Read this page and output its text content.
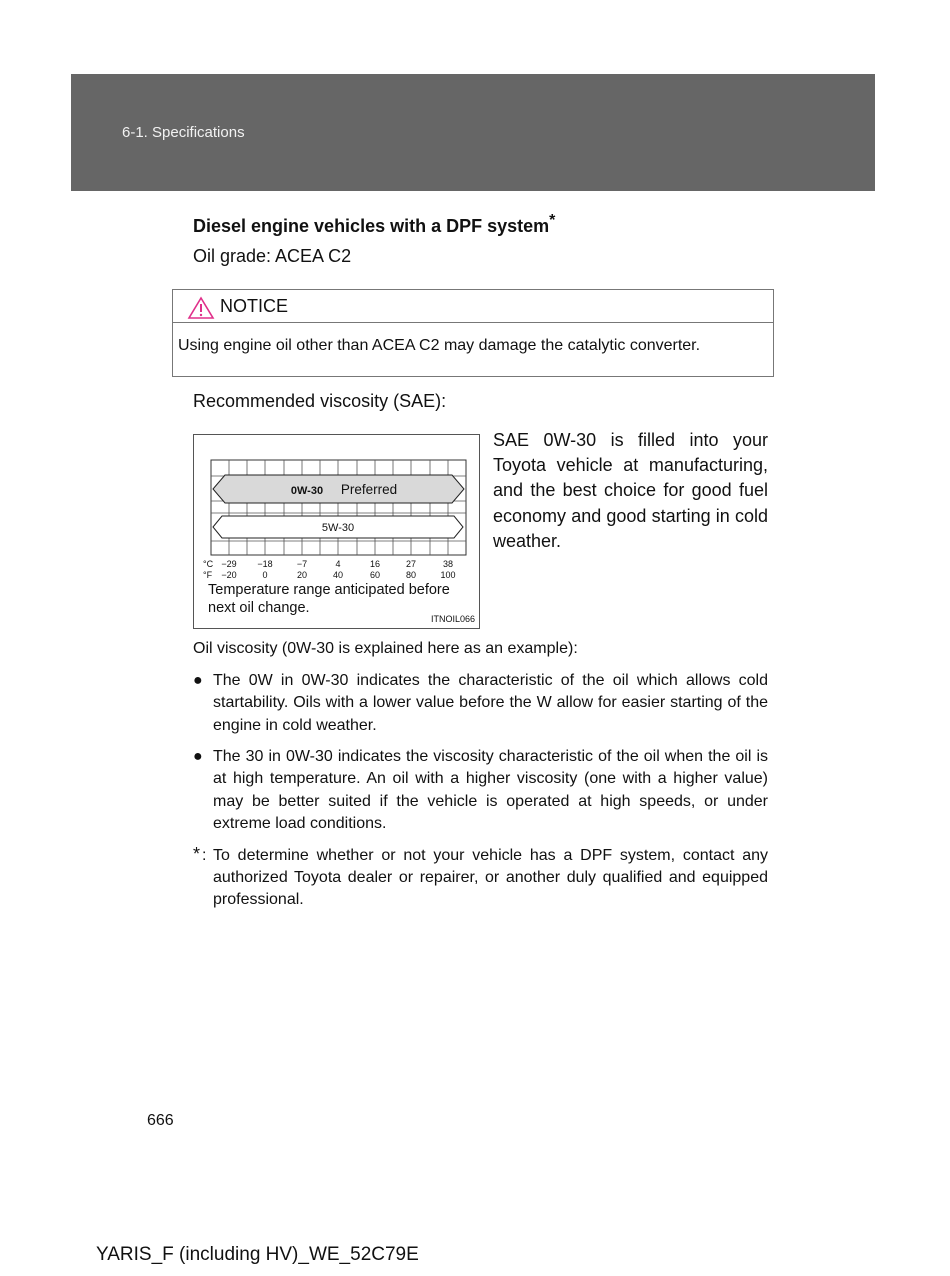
6-1. Specifications
Diesel engine vehicles with a DPF system*
Oil grade: ACEA C2
NOTICE
Using engine oil other than ACEA C2 may damage the catalytic converter.
Recommended viscosity (SAE):
0W-30 Preferred
5W-30
°C
°F
−29 −18	−7	4	16	27	38
−20	0	20	40	60	80	100
Temperature range anticipated before next oil change.
ITNOIL066
SAE 0W-30 is filled into your Toyota vehicle at manufacturing, and the best choice for good fuel economy and good starting in cold weather.
Oil viscosity (0W-30 is explained here as an example):
● The 0W in 0W-30 indicates the characteristic of the oil which allows cold startability. Oils with a lower value before the W allow for easier starting of the engine in cold weather.
● The 30 in 0W-30 indicates the viscosity characteristic of the oil when the oil is at high temperature. An oil with a higher viscosity (one with a higher value) may be better suited if the vehicle is operated at high speeds, or under extreme load conditions.
* : To determine whether or not your vehicle has a DPF system, contact any authorized Toyota dealer or repairer, or another duly qualified and equipped professional.
666
YARIS_F (including HV)_WE_52C79E
